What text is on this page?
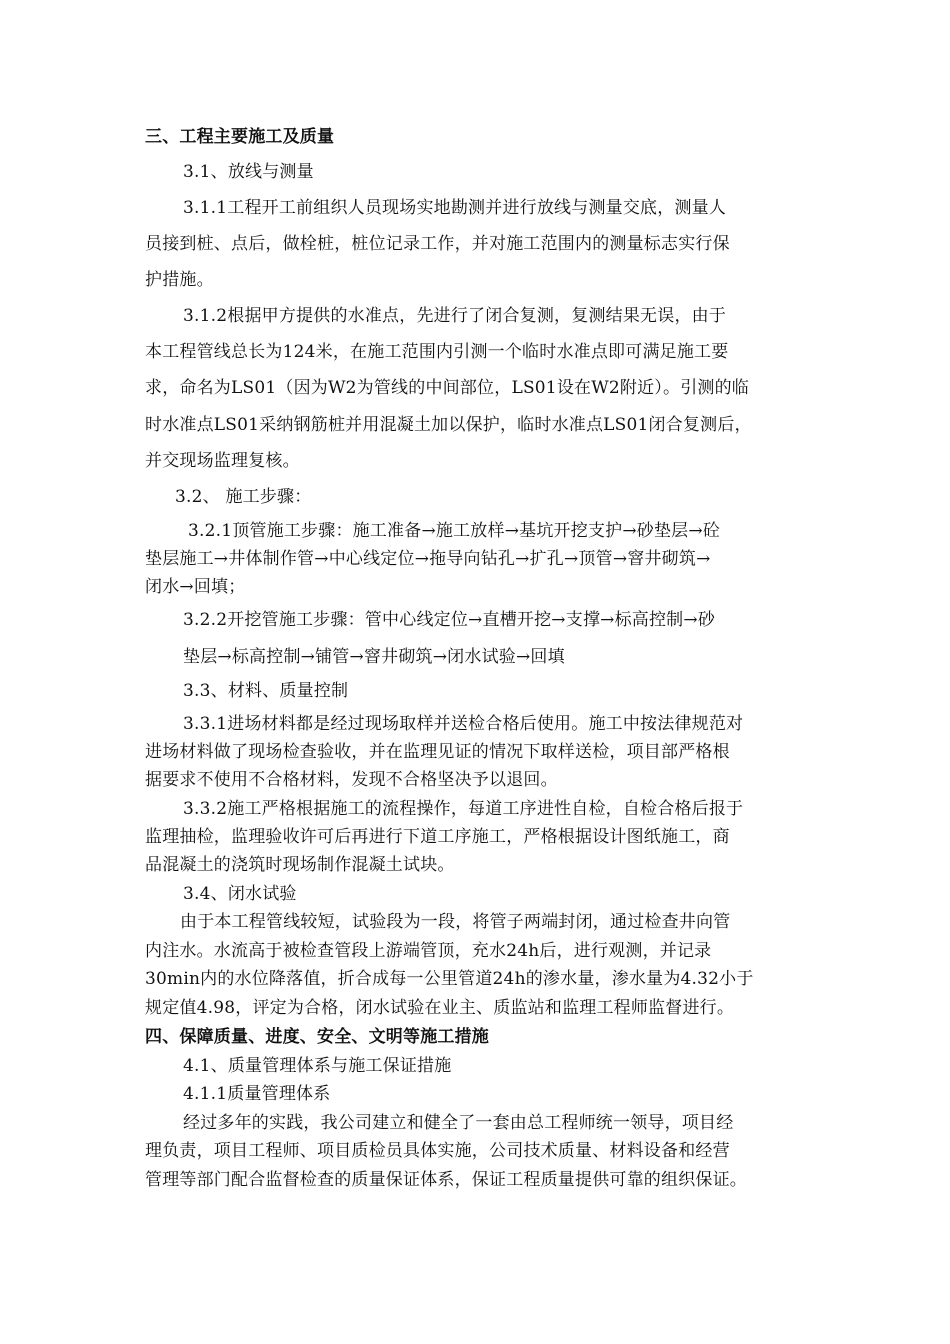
三、工程主要施工及质量
3.1、放线与测量
3.1.1工程开工前组织人员现场实地勘测并进行放线与测量交底，测量人
员接到桩、点后，做栓桩，桩位记录工作，并对施工范围内的测量标志实行保
护措施。
3.1.2根据甲方提供的水准点，先进行了闭合复测，复测结果无误，由于
本工程管线总长为124米，在施工范围内引测一个临时水准点即可满足施工要
求，命名为LS01（因为W2为管线的中间部位，LS01设在W2附近）。引测的临
时水准点LS01采纳钢筋桩并用混凝土加以保护，临时水准点LS01闭合复测后，
并交现场监理复核。
3.2、 施工步骤：
3.2.1顶管施工步骤：施工准备→施工放样→基坑开挖支护→砂垫层→砼
垫层施工→井体制作管→中心线定位→拖导向钻孔→扩孔→顶管→窨井砌筑→
闭水→回填；
3.2.2开挖管施工步骤：管中心线定位→直槽开挖→支撑→标高控制→砂
垫层→标高控制→铺管→窨井砌筑→闭水试验→回填
3.3、材料、质量控制
3.3.1进场材料都是经过现场取样并送检合格后使用。施工中按法律规范对
进场材料做了现场检查验收，并在监理见证的情况下取样送检，项目部严格根
据要求不使用不合格材料，发现不合格坚决予以退回。
3.3.2施工严格根据施工的流程操作，每道工序进性自检，自检合格后报于
监理抽检，监理验收许可后再进行下道工序施工，严格根据设计图纸施工，商
品混凝土的浇筑时现场制作混凝土试块。
3.4、闭水试验
由于本工程管线较短，试验段为一段，将管子两端封闭，通过检查井向管
内注水。水流高于被检查管段上游端管顶，充水24h后，进行观测，并记录
30min内的水位降落值，折合成每一公里管道24h的渗水量，渗水量为4.32小于
规定值4.98，评定为合格，闭水试验在业主、质监站和监理工程师监督进行。
四、保障质量、进度、安全、文明等施工措施
4.1、质量管理体系与施工保证措施
4.1.1质量管理体系
经过多年的实践，我公司建立和健全了一套由总工程师统一领导，项目经
理负责，项目工程师、项目质检员具体实施，公司技术质量、材料设备和经营
管理等部门配合监督检查的质量保证体系，保证工程质量提供可靠的组织保证。
